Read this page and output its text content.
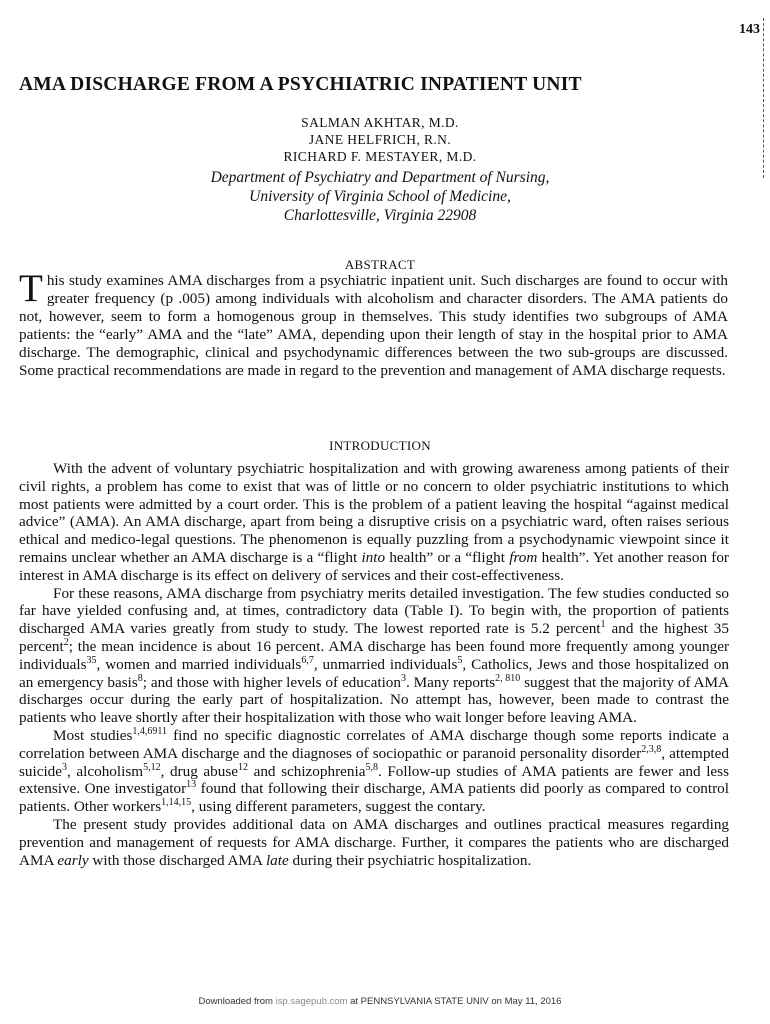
143
AMA DISCHARGE FROM A PSYCHIATRIC INPATIENT UNIT
SALMAN AKHTAR, M.D.
JANE HELFRICH, R.N.
RICHARD F. MESTAYER, M.D.
Department of Psychiatry and Department of Nursing,
University of Virginia School of Medicine,
Charlottesville, Virginia 22908
ABSTRACT
This study examines AMA discharges from a psychiatric inpatient unit. Such discharges are found to occur with greater frequency (p .005) among individuals with alcoholism and character disorders. The AMA patients do not, however, seem to form a homogenous group in themselves. This study identifies two subgroups of AMA patients: the “early” AMA and the “late” AMA, depending upon their length of stay in the hospital prior to AMA discharge. The demographic, clinical and psychodynamic differences between the two sub-groups are discussed. Some practical recommendations are made in regard to the prevention and management of AMA discharge requests.
INTRODUCTION

With the advent of voluntary psychiatric hospitalization and with growing awareness among patients of their civil rights, a problem has come to exist that was of little or no concern to older psychiatric institutions to which most patients were admitted by a court order. This is the problem of a patient leaving the hospital “against medical advice” (AMA). An AMA discharge, apart from being a disruptive crisis on a psychiatric ward, often raises serious ethical and medico-legal questions. The phenomenon is equally puzzling from a psychodynamic viewpoint since it remains unclear whether an AMA discharge is a “flight into health” or a “flight from health”. Yet another reason for interest in AMA discharge is its effect on delivery of services and their cost-effectiveness.

For these reasons, AMA discharge from psychiatry merits detailed investigation. The few studies conducted so far have yielded confusing and, at times, contradictory data (Table I). To begin with, the proportion of patients discharged AMA varies greatly from study to study. The lowest reported rate is 5.2 percent$^1$ and the highest 35 percent$^2$; the mean incidence is about 16 percent. AMA discharge has been found more frequently among younger individuals$^{35}$, women and married individuals$^{6,7}$, unmarried individuals$^5$, Catholics, Jews and those hospitalized on an emergency basis$^8$; and those with higher levels of education$^3$. Many reports$^{2, 810}$ suggest that the majority of AMA discharges occur during the early part of hospitalization. No attempt has, however, been made to contrast the patients who leave shortly after their hospitalization with those who wait longer before leaving AMA.

Most studies$^{1,4,6911}$ find no specific diagnostic correlates of AMA discharge though some reports indicate a correlation between AMA discharge and the diagnoses of sociopathic or paranoid personality disorder$^{2,3,8}$, attempted suicide$^3$, alcoholism$^{5,12}$, drug abuse$^{12}$ and schizophrenia$^{5,8}$. Follow-up studies of AMA patients are fewer and less extensive. One investigator$^{13}$ found that following their discharge, AMA patients did poorly as compared to control patients. Other workers$^{1,14,15}$, using different parameters, suggest the contary.

The present study provides additional data on AMA discharges and outlines practical measures regarding prevention and management of requests for AMA discharge. Further, it compares the patients who are discharged AMA early with those discharged AMA late during their psychiatric hospitalization.

Downloaded from isp.sagepub.com at PENNSYLVANIA STATE UNIV on May 11, 2016
